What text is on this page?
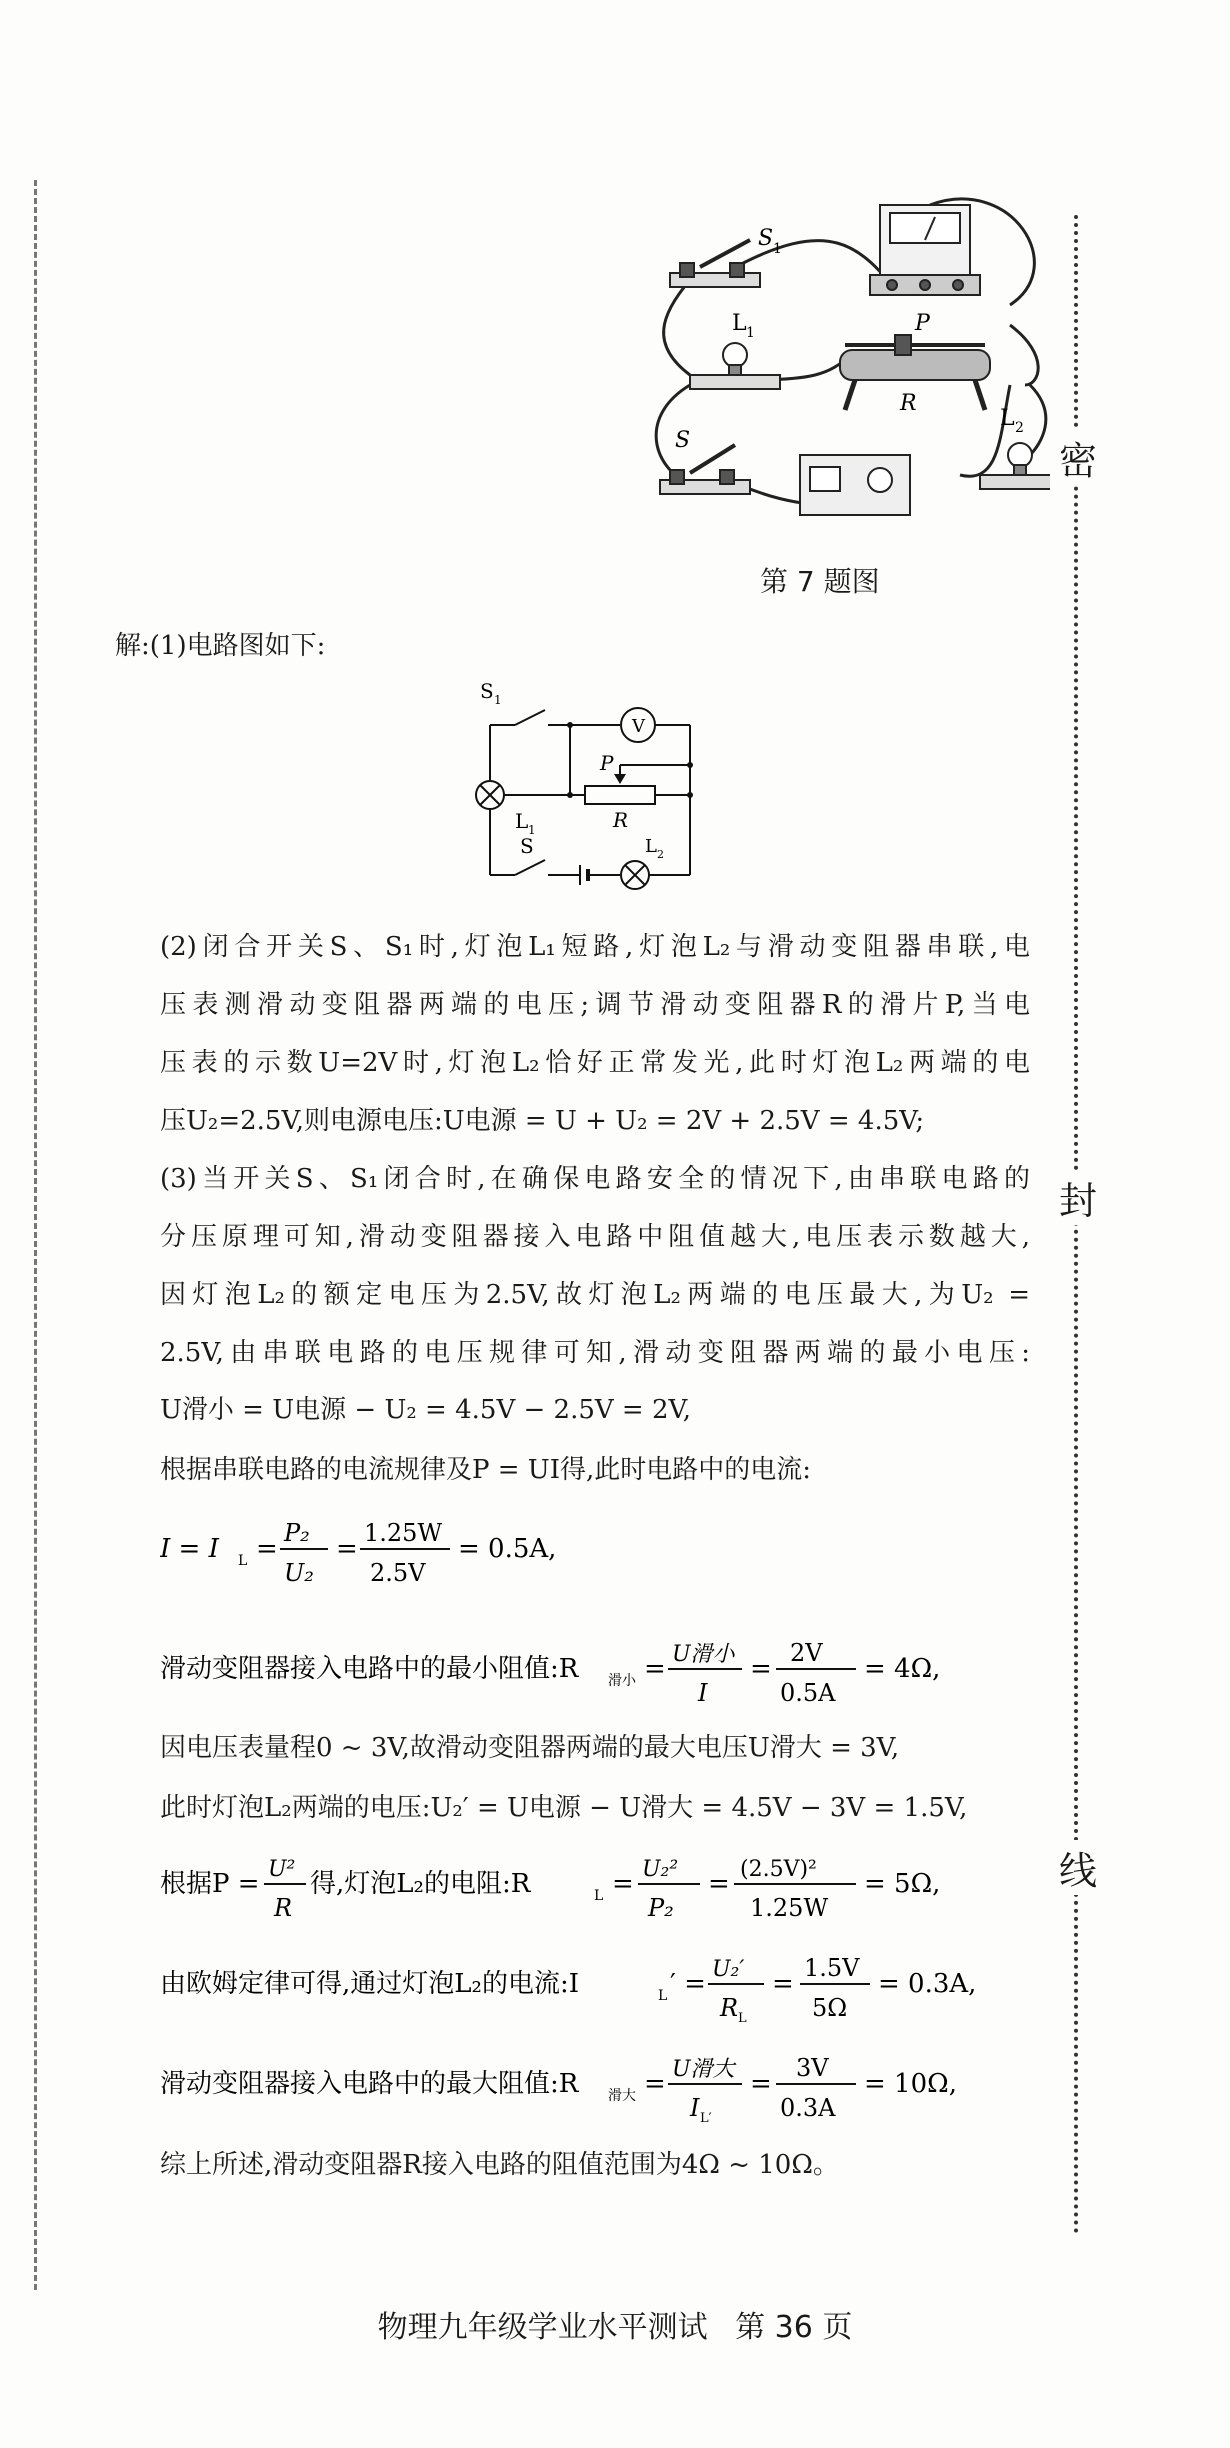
密
封
线
S 1
L 1	P
R
S
L 2
第 7 题图
解:(1)电路图如下:
S 1
V
P
R
L 1
S	L 2

(2)闭合开关S、S₁时,灯泡L₁短路,灯泡L₂与滑动变阻器串联,电

压表测滑动变阻器两端的电压;调节滑动变阻器R的滑片P,当电

压表的示数U=2V时,灯泡L₂恰好正常发光,此时灯泡L₂两端的电

压U₂=2.5V,则电源电压:U电源 = U + U₂ = 2V + 2.5V = 4.5V;

(3)当开关S、S₁闭合时,在确保电路安全的情况下,由串联电路的

分压原理可知,滑动变阻器接入电路中阻值越大,电压表示数越大,

因灯泡L₂的额定电压为2.5V,故灯泡L₂两端的电压最大,为U₂ =

2.5V,由串联电路的电压规律可知,滑动变阻器两端的最小电压:

U滑小 = U电源 − U₂ = 4.5V − 2.5V = 2V,
根据串联电路的电流规律及P = UI得,此时电路中的电流:
I = I L =
P₂
U₂
=
1.25W
2.5V
= 0.5A,
滑动变阻器接入电路中的最小阻值:R 滑小 = U滑小
I
=
2V
0.5A
= 4Ω,
因电压表量程0 ~ 3V,故滑动变阻器两端的最大电压U滑大 = 3V,
此时灯泡L₂两端的电压:U₂′ = U电源 − U滑大 = 4.5V − 3V = 1.5V,
根据P = U²
R
得,灯泡L₂的电阻:R	L = U₂²
P₂
= (2.5V)²
1.25W
= 5Ω,
由欧姆定律可得,通过灯泡L₂的电流:I	L ′ = U₂′
R L
=
1.5V
5Ω
= 0.3A,
滑动变阻器接入电路中的最大阻值:R 滑大 = U滑大
I L′
=
3V
0.3A
= 10Ω,
综上所述,滑动变阻器R接入电路的阻值范围为4Ω ~ 10Ω。
物理九年级学业水平测试 第 36 页
